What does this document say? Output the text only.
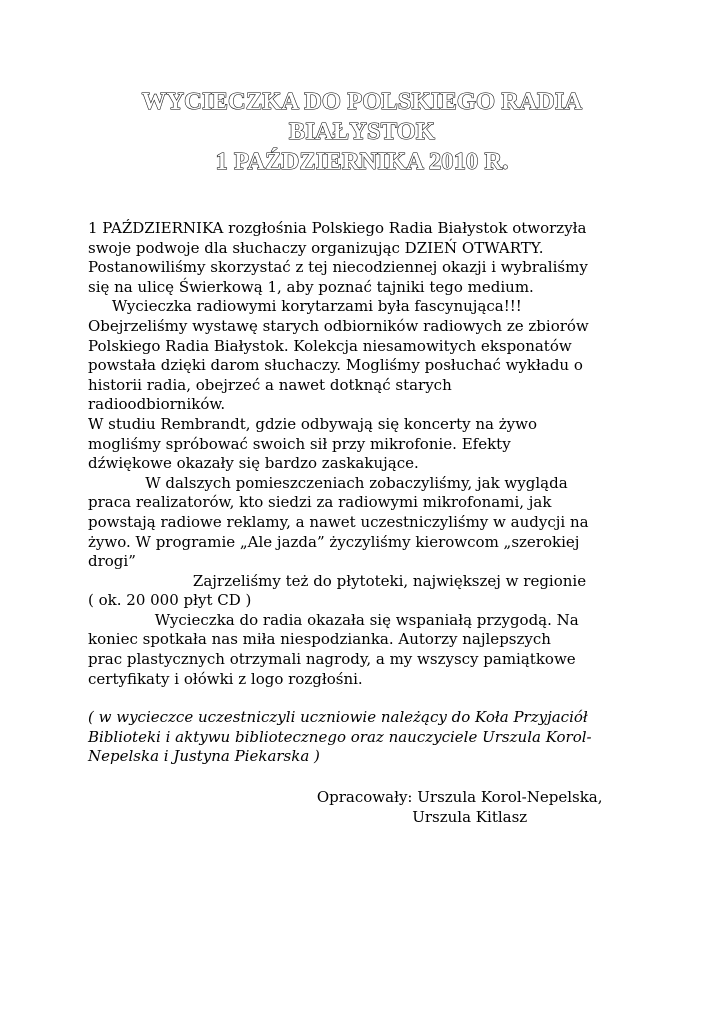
WYCIECZKA DO POLSKIEGO RADIA
BIAŁYSTOK
1 PAŹDZIERNIKA 2010 R.
1 PAŹDZIERNIKA rozgłośnia Polskiego Radia Białystok otworzyła
swoje podwoje dla słuchaczy organizując DZIEŃ OTWARTY.
Postanowiliśmy skorzystać z tej niecodziennej okazji i wybraliśmy
się na ulicę Świerkową 1, aby poznać tajniki tego medium.
Wycieczka radiowymi korytarzami była fascynująca!!!
Obejrzeliśmy wystawę starych odbiorników radiowych ze zbiorów
Polskiego Radia Białystok. Kolekcja niesamowitych eksponatów
powstała dzięki darom słuchaczy. Mogliśmy posłuchać wykładu o
historii radia, obejrzeć a nawet dotknąć starych
radioodbiorników.
W studiu Rembrandt, gdzie odbywają się koncerty na żywo
mogliśmy spróbować swoich sił przy mikrofonie. Efekty
dźwiękowe okazały się bardzo zaskakujące.
W dalszych pomieszczeniach zobaczyliśmy, jak wygląda
praca realizatorów, kto siedzi za radiowymi mikrofonami, jak
powstają radiowe reklamy, a nawet uczestniczyliśmy w audycji na
żywo. W programie „Ale jazda” życzyliśmy kierowcom „szerokiej
drogi”
Zajrzeliśmy też do płytoteki, największej w regionie
( ok. 20 000 płyt CD )
Wycieczka do radia okazała się wspaniałą przygodą. Na
koniec spotkała nas miła niespodzianka. Autorzy najlepszych
prac plastycznych otrzymali nagrody, a my wszyscy pamiątkowe
certyfikaty i ołówki z logo rozgłośni.
( w wycieczce uczestniczyli uczniowie należący do Koła Przyjaciół
Biblioteki i aktywu bibliotecznego oraz nauczyciele Urszula Korol-
Nepelska i Justyna Piekarska )
Opracowały: Urszula Korol-Nepelska,
Urszula Kitlasz
